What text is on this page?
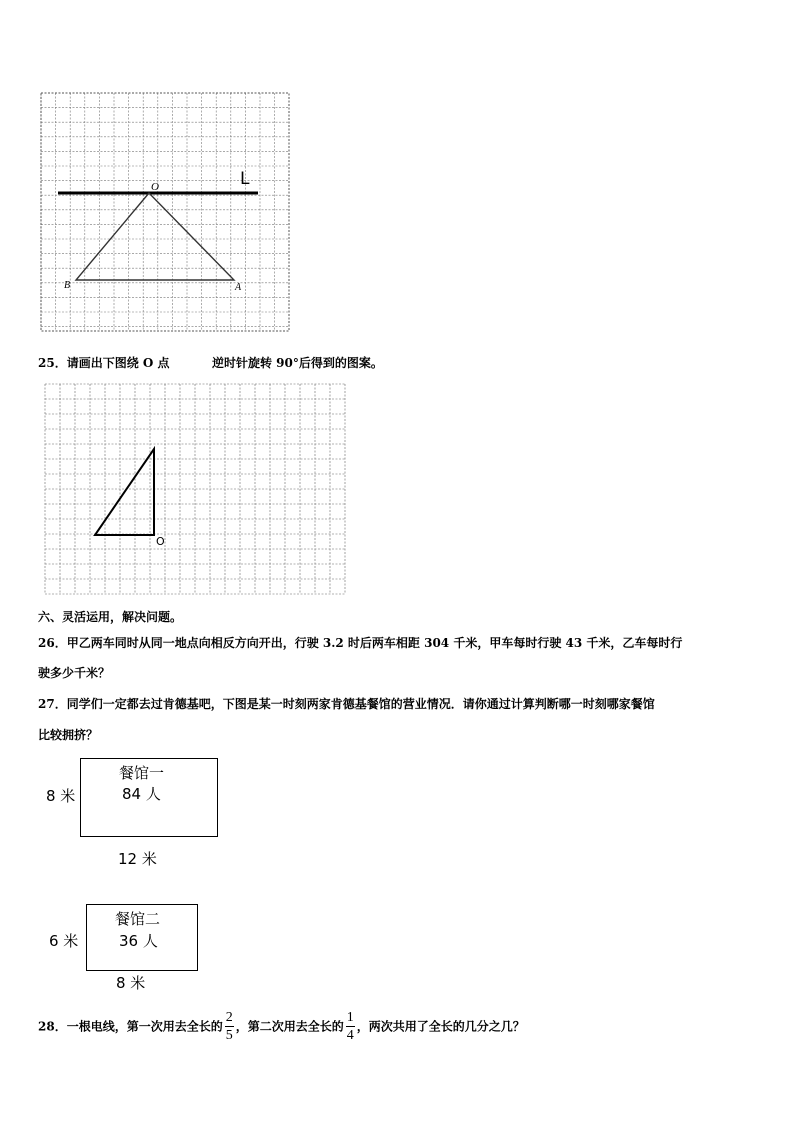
L
O
B	A
25．请画出下图绕 O 点	逆时针旋转 90°后得到的图案。
O
六、灵活运用，解决问题。
26．甲乙两车同时从同一地点向相反方向开出，行驶 3.2 时后两车相距 304 千米，甲车每时行驶 43 千米，乙车每时行
驶多少千米？
27．同学们一定都去过肯德基吧，下图是某一时刻两家肯德基餐馆的营业情况．请你通过计算判断哪一时刻哪家餐馆
比较拥挤？
餐馆一
84 人
8 米
12 米
餐馆二
36 人
6 米
8 米
28．一根电线，第一次用去全长的 $\frac{2}{5}$ ，第二次用去全长的 $\frac{1}{4}$ ，两次共用了全长的几分之几？
